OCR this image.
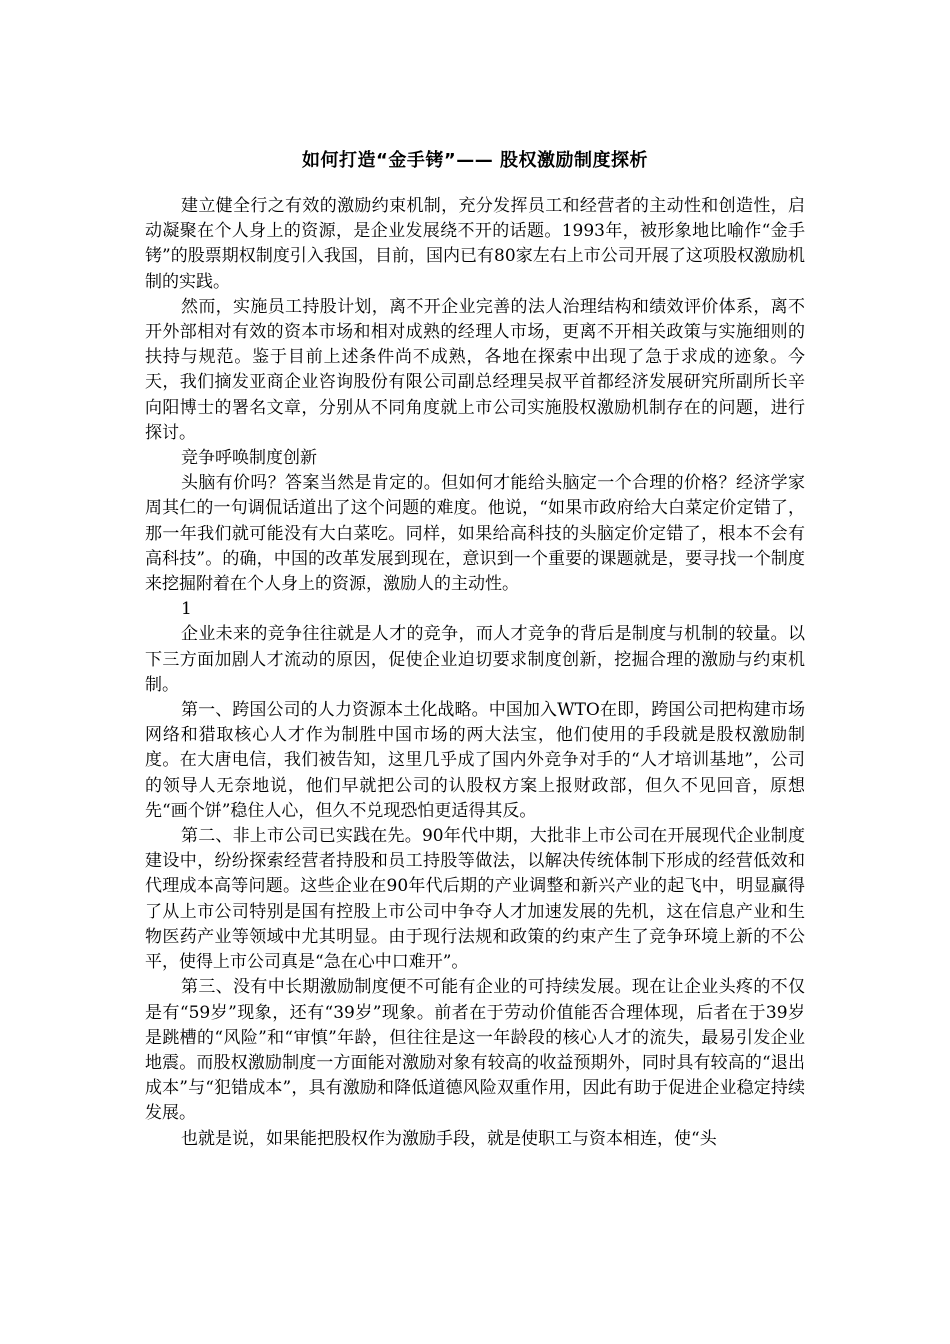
如何打造“金手铐”—— 股权激励制度探析

建立健全行之有效的激励约束机制，充分发挥员工和经营者的主动性和创造性，启动凝聚在个人身上的资源，是企业发展绕不开的话题。1993年，被形象地比喻作“金手铐”的股票期权制度引入我国，目前，国内已有80家左右上市公司开展了这项股权激励机制的实践。

然而，实施员工持股计划，离不开企业完善的法人治理结构和绩效评价体系，离不开外部相对有效的资本市场和相对成熟的经理人市场，更离不开相关政策与实施细则的扶持与规范。鉴于目前上述条件尚不成熟，各地在探索中出现了急于求成的迹象。今天，我们摘发亚商企业咨询股份有限公司副总经理吴叔平首都经济发展研究所副所长辛向阳博士的署名文章，分别从不同角度就上市公司实施股权激励机制存在的问题，进行探讨。

竞争呼唤制度创新

头脑有价吗？答案当然是肯定的。但如何才能给头脑定一个合理的价格？经济学家周其仁的一句调侃话道出了这个问题的难度。他说，“如果市政府给大白菜定价定错了，那一年我们就可能没有大白菜吃。同样，如果给高科技的头脑定价定错了，根本不会有高科技”。的确，中国的改革发展到现在，意识到一个重要的课题就是，要寻找一个制度来挖掘附着在个人身上的资源，激励人的主动性。

1

企业未来的竞争往往就是人才的竞争，而人才竞争的背后是制度与机制的较量。以下三方面加剧人才流动的原因，促使企业迫切要求制度创新，挖掘合理的激励与约束机制。

第一、跨国公司的人力资源本土化战略。中国加入WTO在即，跨国公司把构建市场网络和猎取核心人才作为制胜中国市场的两大法宝，他们使用的手段就是股权激励制度。在大唐电信，我们被告知，这里几乎成了国内外竞争对手的“人才培训基地”，公司的领导人无奈地说，他们早就把公司的认股权方案上报财政部，但久不见回音，原想先“画个饼”稳住人心，但久不兑现恐怕更适得其反。

第二、非上市公司已实践在先。90年代中期，大批非上市公司在开展现代企业制度建设中，纷纷探索经营者持股和员工持股等做法，以解决传统体制下形成的经营低效和代理成本高等问题。这些企业在90年代后期的产业调整和新兴产业的起飞中，明显赢得了从上市公司特别是国有控股上市公司中争夺人才加速发展的先机，这在信息产业和生物医药产业等领域中尤其明显。由于现行法规和政策的约束产生了竞争环境上新的不公平，使得上市公司真是“急在心中口难开”。

第三、没有中长期激励制度便不可能有企业的可持续发展。现在让企业头疼的不仅是有“59岁”现象，还有“39岁”现象。前者在于劳动价值能否合理体现，后者在于39岁是跳槽的“风险”和“审慎”年龄，但往往是这一年龄段的核心人才的流失，最易引发企业地震。而股权激励制度一方面能对激励对象有较高的收益预期外，同时具有较高的“退出成本”与“犯错成本”，具有激励和降低道德风险双重作用，因此有助于促进企业稳定持续发展。

也就是说，如果能把股权作为激励手段，就是使职工与资本相连，使“头
